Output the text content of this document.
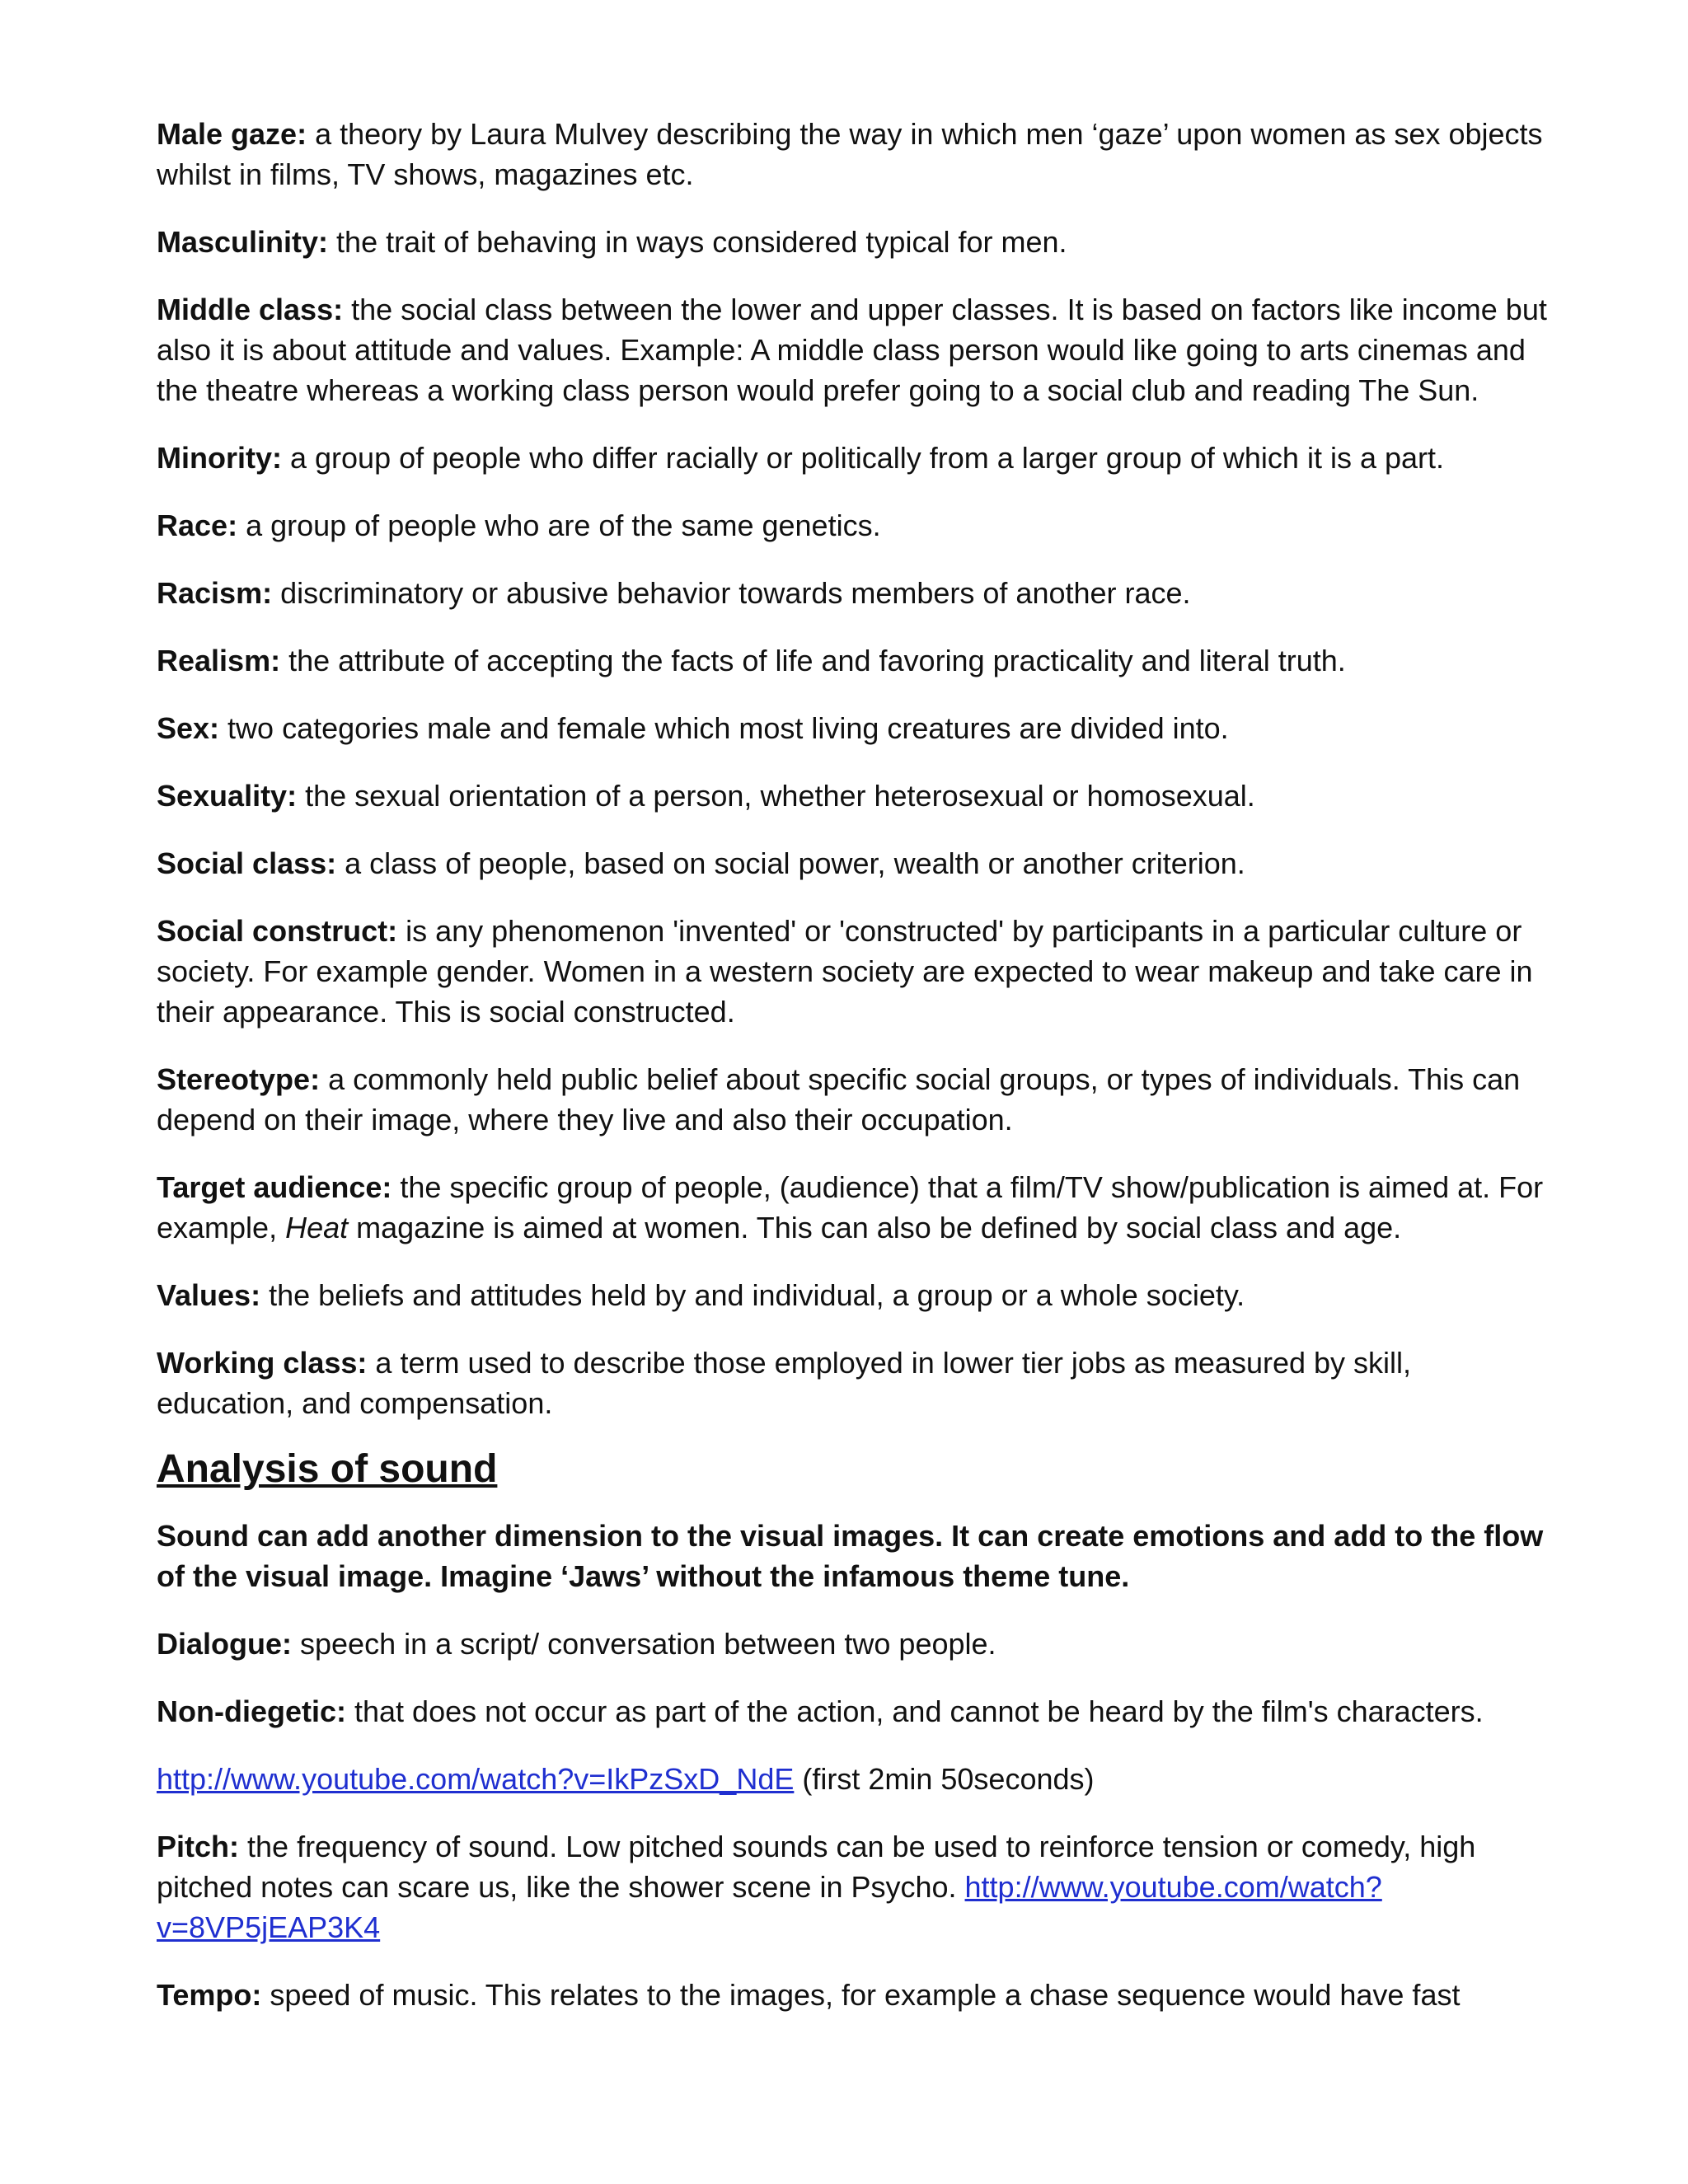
Male gaze: a theory by Laura Mulvey describing the way in which men ‘gaze’ upon women as sex objects whilst in films, TV shows, magazines etc.

Masculinity: the trait of behaving in ways considered typical for men.

Middle class: the social class between the lower and upper classes. It is based on factors like income but also it is about attitude and values. Example: A middle class person would like going to arts cinemas and the theatre whereas a working class person would prefer going to a social club and reading The Sun.

Minority: a group of people who differ racially or politically from a larger group of which it is a part.

Race: a group of people who are of the same genetics.

Racism: discriminatory or abusive behavior towards members of another race.

Realism: the attribute of accepting the facts of life and favoring practicality and literal truth.

Sex: two categories male and female which most living creatures are divided into.

Sexuality: the sexual orientation of a person, whether heterosexual or homosexual.

Social class: a class of people, based on social power, wealth or another criterion.

Social construct: is any phenomenon 'invented' or 'constructed' by participants in a particular culture or society. For example gender. Women in a western society are expected to wear makeup and take care in their appearance. This is social constructed.

Stereotype: a commonly held public belief about specific social groups, or types of individuals. This can depend on their image, where they live and also their occupation.

Target audience: the specific group of people, (audience) that a film/TV show/publication is aimed at. For example, Heat magazine is aimed at women. This can also be defined by social class and age.

Values: the beliefs and attitudes held by and individual, a group or a whole society.

Working class: a term used to describe those employed in lower tier jobs as measured by skill, education, and compensation.

Analysis of sound

Sound can add another dimension to the visual images. It can create emotions and add to the flow of the visual image. Imagine ‘Jaws’ without the infamous theme tune.

Dialogue: speech in a script/ conversation between two people.

Non-diegetic: that does not occur as part of the action, and cannot be heard by the film's characters.

http://www.youtube.com/watch?v=IkPzSxD_NdE (first 2min 50seconds)

Pitch: the frequency of sound. Low pitched sounds can be used to reinforce tension or comedy, high pitched notes can scare us, like the shower scene in Psycho. http://www.youtube.com/watch?
v=8VP5jEAP3K4

Tempo: speed of music. This relates to the images, for example a chase sequence would have fast
